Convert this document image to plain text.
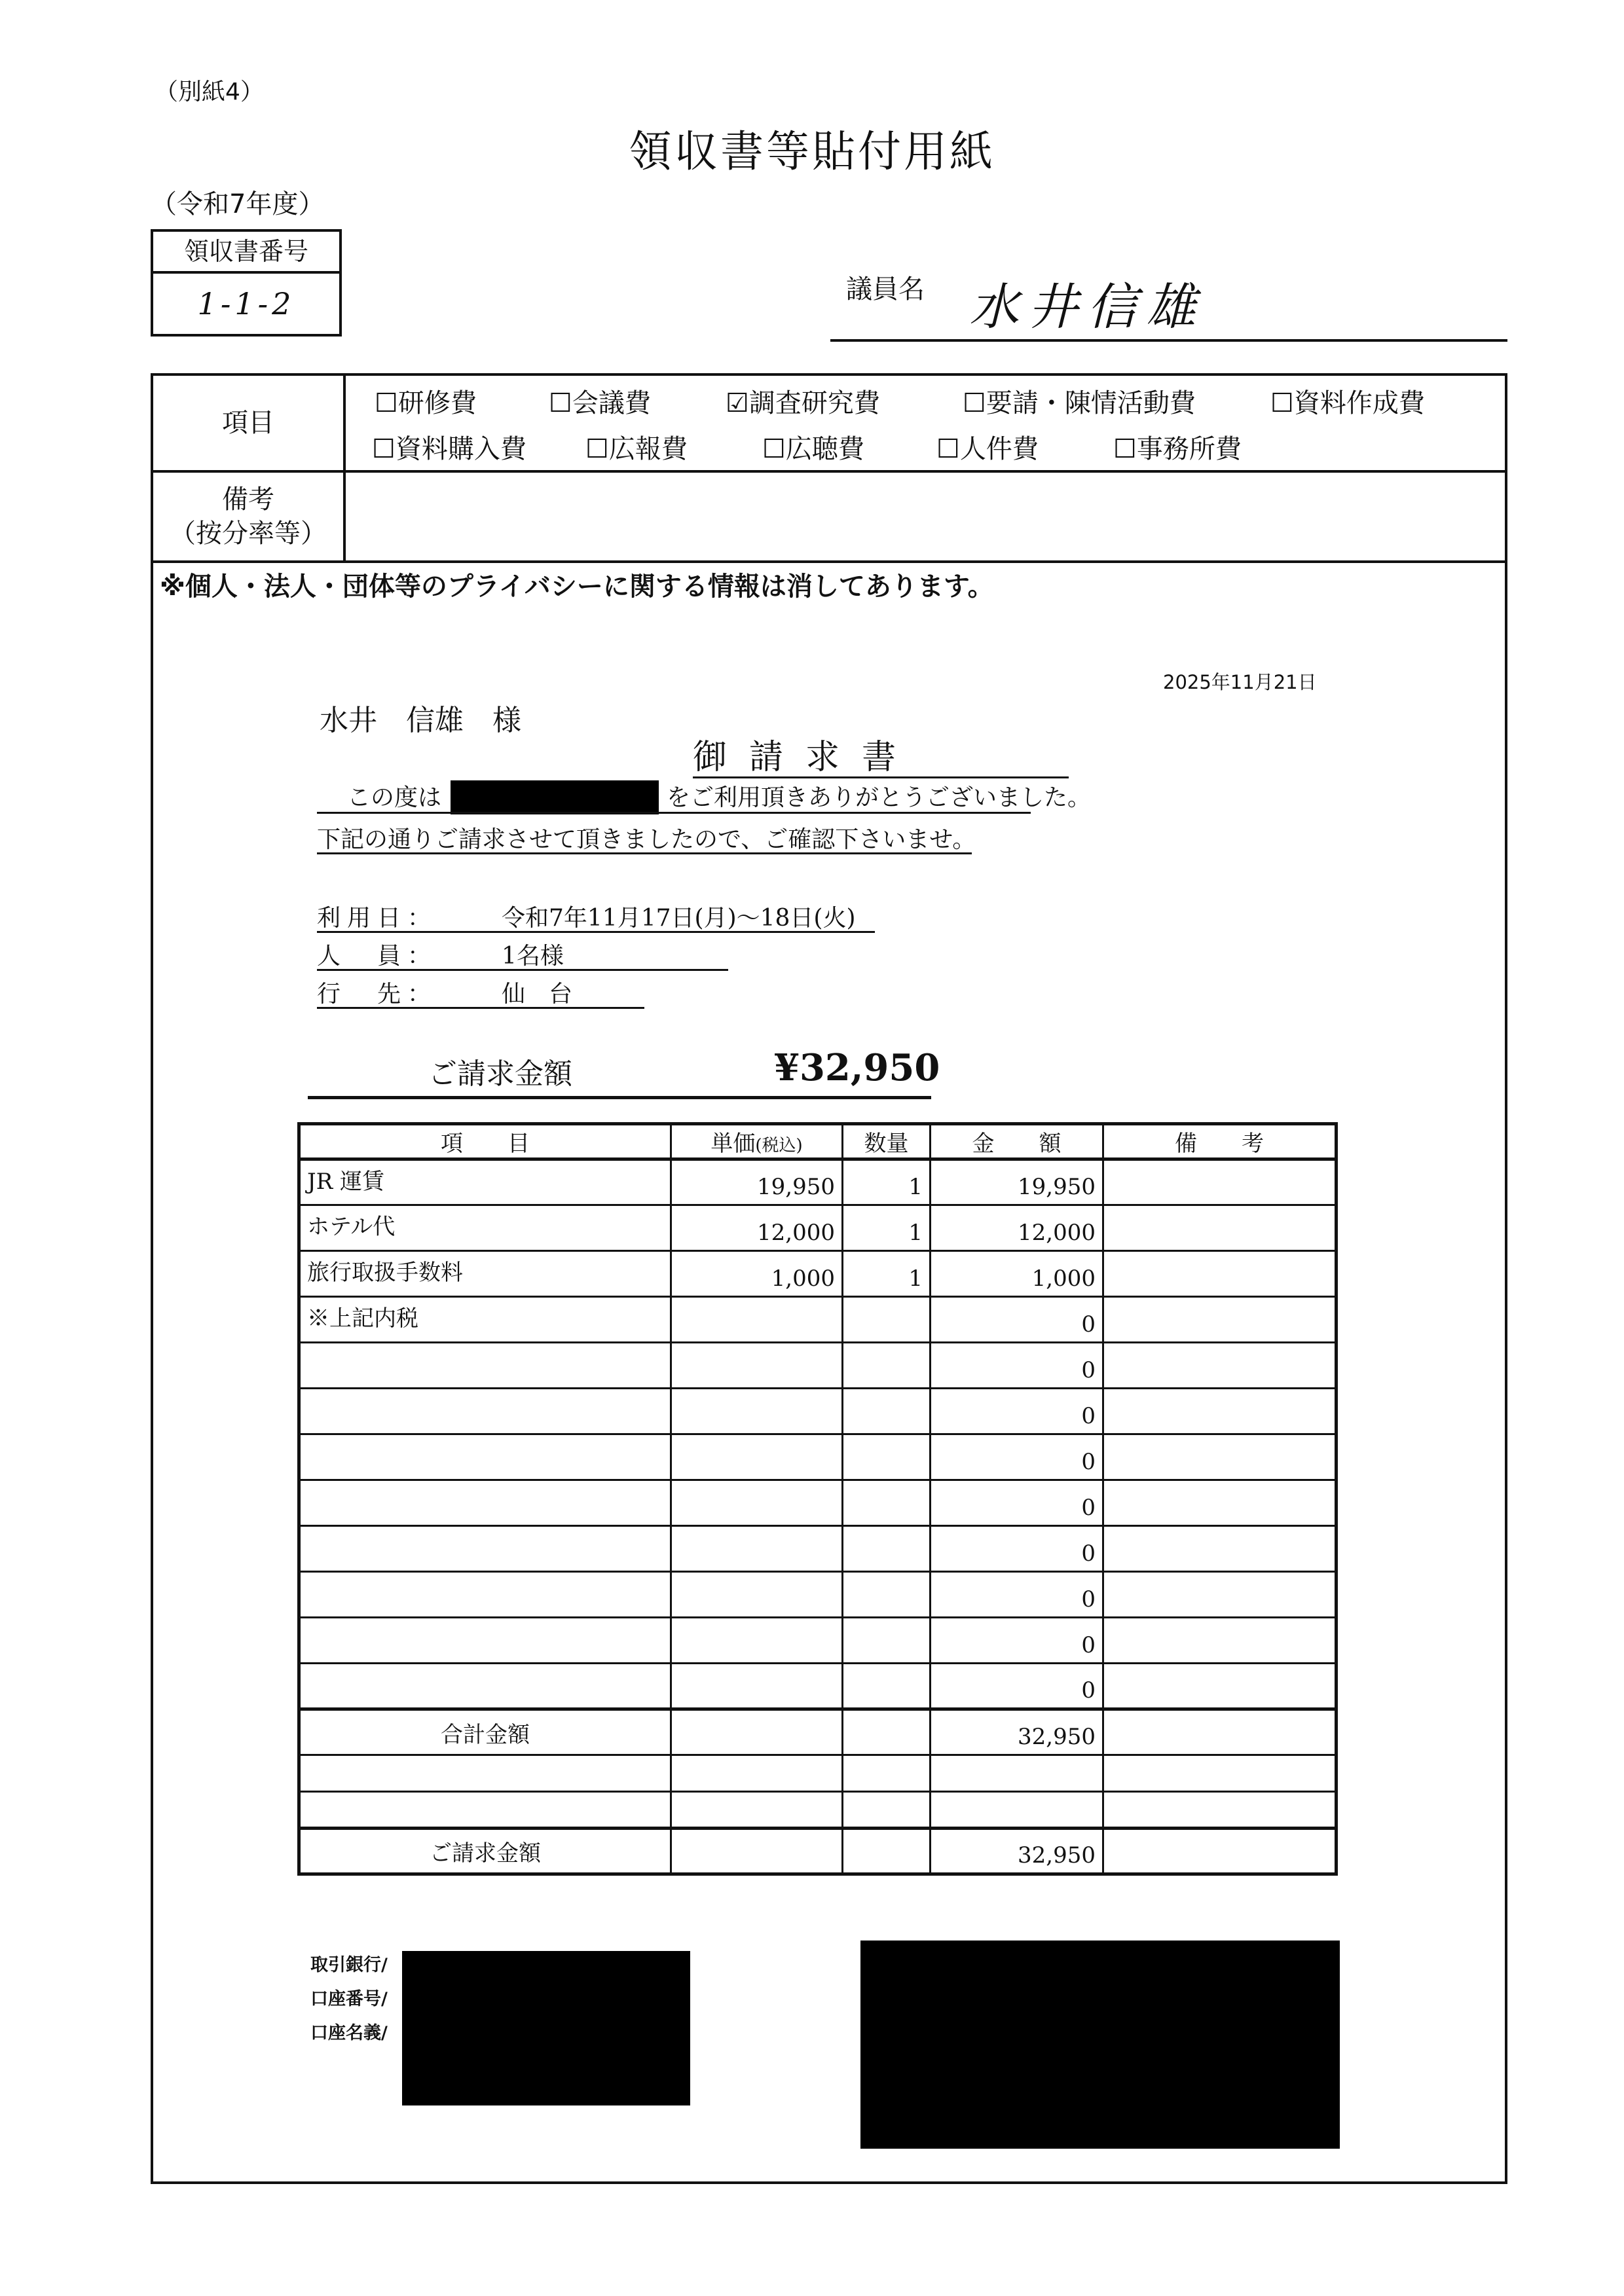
（別紙4）
領収書等貼付用紙
（令和7年度）
領収書番号
1-1-2	議員名 水井信雄
項目
☐研修費	☐会議費	☑調査研究費	☐要請・陳情活動費	☐資料作成費
☐資料購入費 ☐広報費	☐広聴費	☐人件費	☐事務所費
備考
（按分率等）
※個人・法人・団体等のプライバシーに関する情報は消してあります。
2025年11月21日
水井　信雄　様
御請求書
この度は	をご利用頂きありがとうございました。
下記の通りご請求させて頂きましたので、ご確認下さいませ。
利用日：	令和7年11月17日(月)～18日(火)
人　員：	1名様
行　先：	仙　台
ご請求金額	¥32,950
項　　目	単価(税込)	数量	金　　額	備　　考
JR 運賃	19,950	1	19,950	
ホテル代	12,000	1	12,000	
旅行取扱手数料	1,000	1	1,000	
※上記内税			0	
			0	
			0	
			0	
			0	
			0	
			0	
			0	
			0	
合計金額			32,950	

ご請求金額			32,950	
取引銀行/
口座番号/
口座名義/
